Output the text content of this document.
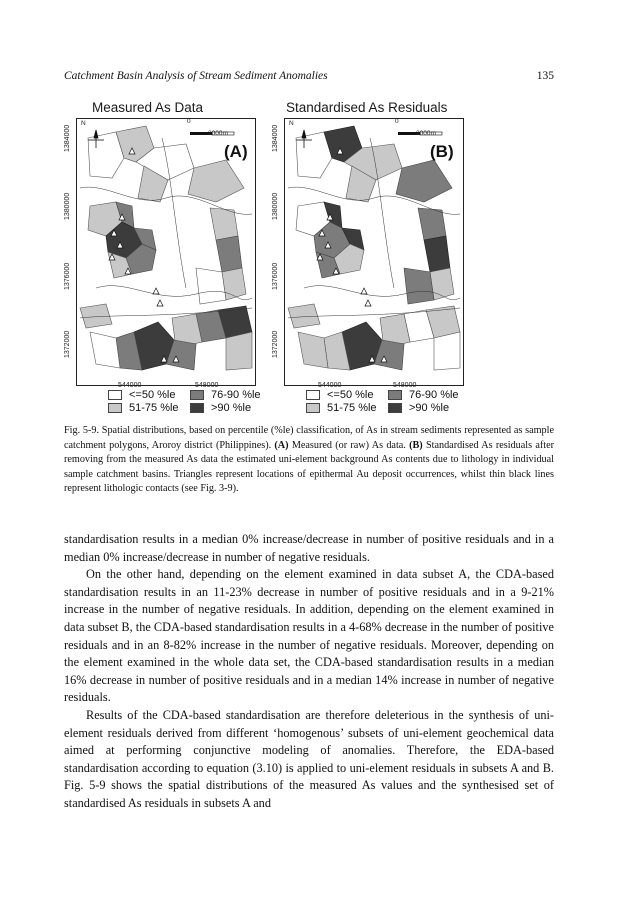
Catchment Basin Analysis of Stream Sediment Anomalies	135
Measured As Data
N	0
2000m
(A)
1384000
1380000
1376000
1372000
544000	548000
Standardised As Residuals
N	0
2000m
(B)
1384000
1380000
1376000
1372000
544000	548000
<=50 %le	76-90 %le
51-75 %le	>90 %le
<=50 %le	76-90 %le
51-75 %le	>90 %le
Fig. 5-9. Spatial distributions, based on percentile (%le) classification, of As in stream sediments represented as sample catchment polygons, Aroroy district (Philippines). (A) Measured (or raw) As data. (B) Standardised As residuals after removing from the measured As data the estimated uni-element background As contents due to lithology in individual sample catchment basins. Triangles represent locations of epithermal Au deposit occurrences, whilst thin black lines represent lithologic contacts (see Fig. 3-9).

standardisation results in a median 0% increase/decrease in number of positive residuals and in a median 0% increase/decrease in number of negative residuals.

On the other hand, depending on the element examined in data subset A, the CDA-based standardisation results in an 11-23% decrease in number of positive residuals and in a 9-21% increase in the number of negative residuals. In addition, depending on the element examined in data subset B, the CDA-based standardisation results in a 4-68% decrease in the number of positive residuals and in an 8-82% increase in the number of negative residuals. Moreover, depending on the element examined in the whole data set, the CDA-based standardisation results in a median 16% decrease in number of positive residuals and in a median 14% increase in number of negative residuals.

Results of the CDA-based standardisation are therefore deleterious in the synthesis of uni-element residuals derived from different ‘homogenous’ subsets of uni-element geochemical data aimed at performing conjunctive modeling of anomalies. Therefore, the EDA-based standardisation according to equation (3.10) is applied to uni-element residuals in subsets A and B. Fig. 5-9 shows the spatial distributions of the measured As values and the synthesised set of standardised As residuals in subsets A and
